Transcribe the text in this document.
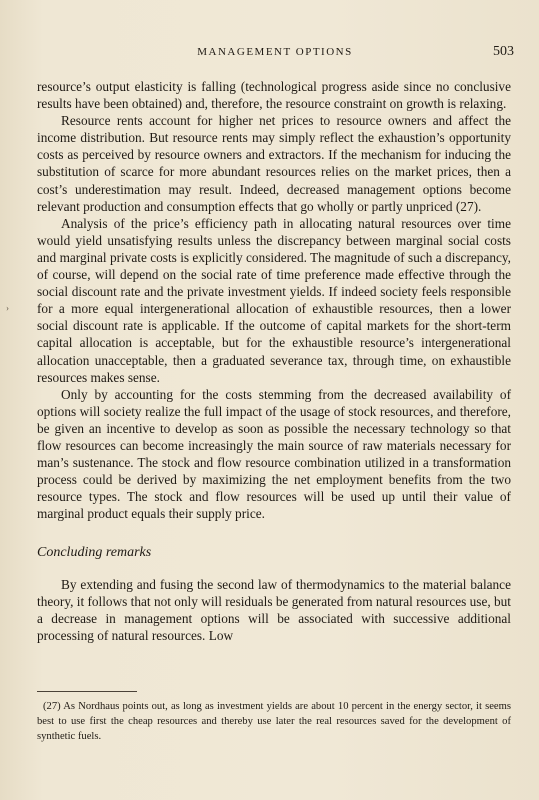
MANAGEMENT OPTIONS	503
›

resource’s output elasticity is falling (technological progress aside since no conclusive results have been obtained) and, therefore, the resource constraint on growth is relaxing.

Resource rents account for higher net prices to resource owners and affect the income distribution. But resource rents may simply reflect the exhaustion’s opportunity costs as perceived by resource owners and extractors. If the mechanism for inducing the substitution of scarce for more abundant resources relies on the market prices, then a cost’s underestimation may result. Indeed, decreased management options become relevant production and consumption effects that go wholly or partly unpriced (27).

Analysis of the price’s efficiency path in allocating natural resources over time would yield unsatisfying results unless the discrepancy between marginal social costs and marginal private costs is explicitly considered. The magnitude of such a discrepancy, of course, will depend on the social rate of time preference made effective through the social discount rate and the private investment yields. If indeed society feels responsible for a more equal intergenerational allocation of exhaustible resources, then a lower social discount rate is applicable. If the outcome of capital markets for the short-term capital allocation is acceptable, but for the exhaustible resource’s intergenerational allocation unacceptable, then a graduated severance tax, through time, on exhaustible resources makes sense.

Only by accounting for the costs stemming from the decreased availability of options will society realize the full impact of the usage of stock resources, and therefore, be given an incentive to develop as soon as possible the necessary technology so that flow resources can become increasingly the main source of raw materials necessary for man’s sustenance. The stock and flow resource combination utilized in a transformation process could be derived by maximizing the net employment benefits from the two resource types. The stock and flow resources will be used up until their value of marginal product equals their supply price.

Concluding remarks

By extending and fusing the second law of thermodynamics to the material balance theory, it follows that not only will residuals be generated from natural resources use, but a decrease in management options will be associated with successive additional processing of natural resources. Low

(27) As Nordhaus points out, as long as investment yields are about 10 percent in the energy sector, it seems best to use first the cheap resources and thereby use later the real resources saved for the development of synthetic fuels.
